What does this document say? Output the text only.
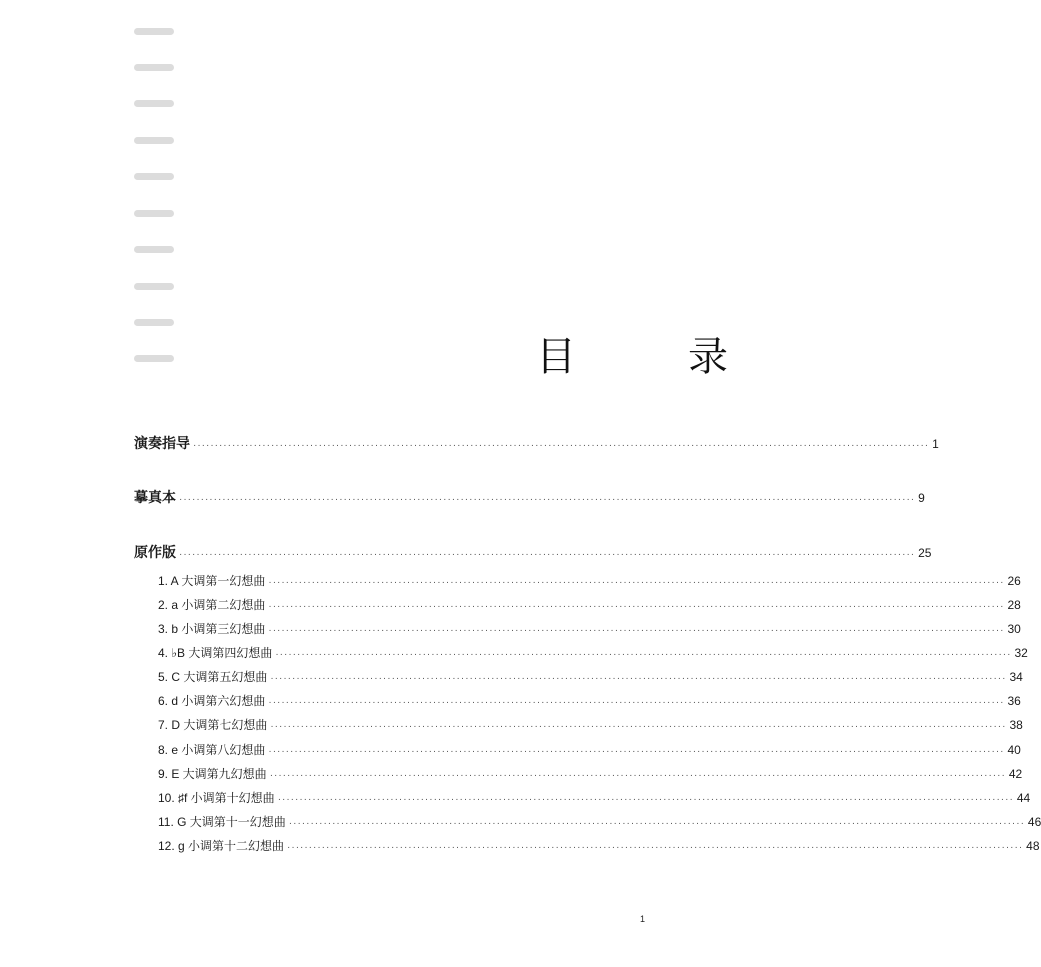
目　录
演奏指导 ·····	1
摹真本 ·····	9
原作版 ·····	25
1. A 大调第一幻想曲 ·····	26
2. a 小调第二幻想曲 ·····	28
3. b 小调第三幻想曲 ·····	30
4. ♭B 大调第四幻想曲 ·····	32
5. C 大调第五幻想曲 ·····	34
6. d 小调第六幻想曲 ·····	36
7. D 大调第七幻想曲 ·····	38
8. e 小调第八幻想曲 ·····	40
9. E 大调第九幻想曲 ·····	42
10. ♯f 小调第十幻想曲 ·····	44
11. G 大调第十一幻想曲 ·····	46
12. g 小调第十二幻想曲 ·····	48
1
